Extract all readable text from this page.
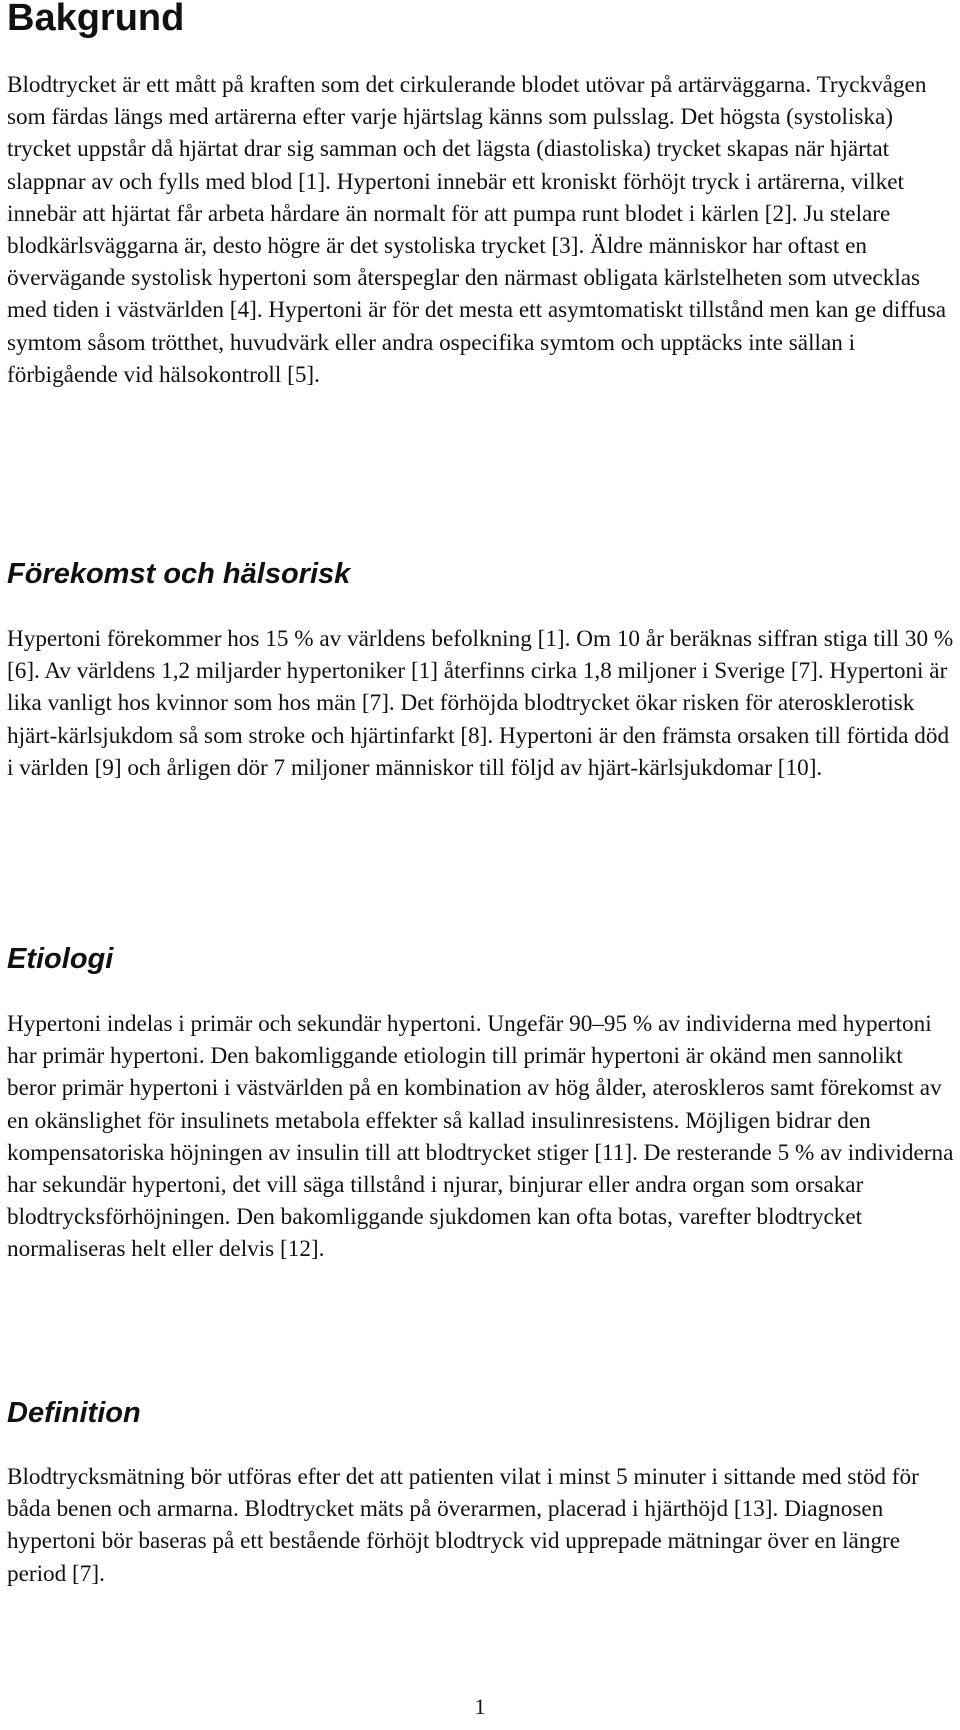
Bakgrund

Blodtrycket är ett mått på kraften som det cirkulerande blodet utövar på artärväggarna. Tryckvågen som färdas längs med artärerna efter varje hjärtslag känns som pulsslag. Det högsta (systoliska) trycket uppstår då hjärtat drar sig samman och det lägsta (diastoliska) trycket skapas när hjärtat slappnar av och fylls med blod [1]. Hypertoni innebär ett kroniskt förhöjt tryck i artärerna, vilket innebär att hjärtat får arbeta hårdare än normalt för att pumpa runt blodet i kärlen [2]. Ju stelare blodkärlsväggarna är, desto högre är det systoliska trycket [3]. Äldre människor har oftast en övervägande systolisk hypertoni som återspeglar den närmast obligata kärlstelheten som utvecklas med tiden i västvärlden [4]. Hypertoni är för det mesta ett asymtomatiskt tillstånd men kan ge diffusa symtom såsom trötthet, huvudvärk eller andra ospecifika symtom och upptäcks inte sällan i förbigående vid hälsokontroll [5].

Förekomst och hälsorisk

Hypertoni förekommer hos 15 % av världens befolkning [1]. Om 10 år beräknas siffran stiga till 30 % [6]. Av världens 1,2 miljarder hypertoniker [1] återfinns cirka 1,8 miljoner i Sverige [7]. Hypertoni är lika vanligt hos kvinnor som hos män [7]. Det förhöjda blodtrycket ökar risken för aterosklerotisk hjärt-kärlsjukdom så som stroke och hjärtinfarkt [8]. Hypertoni är den främsta orsaken till förtida död i världen [9] och årligen dör 7 miljoner människor till följd av hjärt-kärlsjukdomar [10].

Etiologi

Hypertoni indelas i primär och sekundär hypertoni. Ungefär 90–95 % av individerna med hypertoni har primär hypertoni. Den bakomliggande etiologin till primär hypertoni är okänd men sannolikt beror primär hypertoni i västvärlden på en kombination av hög ålder, ateroskleros samt förekomst av en okänslighet för insulinets metabola effekter så kallad insulinresistens. Möjligen bidrar den kompensatoriska höjningen av insulin till att blodtrycket stiger [11]. De resterande 5 % av individerna har sekundär hypertoni, det vill säga tillstånd i njurar, binjurar eller andra organ som orsakar blodtrycksförhöjningen. Den bakomliggande sjukdomen kan ofta botas, varefter blodtrycket normaliseras helt eller delvis [12].

Definition

Blodtrycksmätning bör utföras efter det att patienten vilat i minst 5 minuter i sittande med stöd för båda benen och armarna. Blodtrycket mäts på överarmen, placerad i hjärthöjd [13]. Diagnosen hypertoni bör baseras på ett bestående förhöjt blodtryck vid upprepade mätningar över en längre period [7].

1
